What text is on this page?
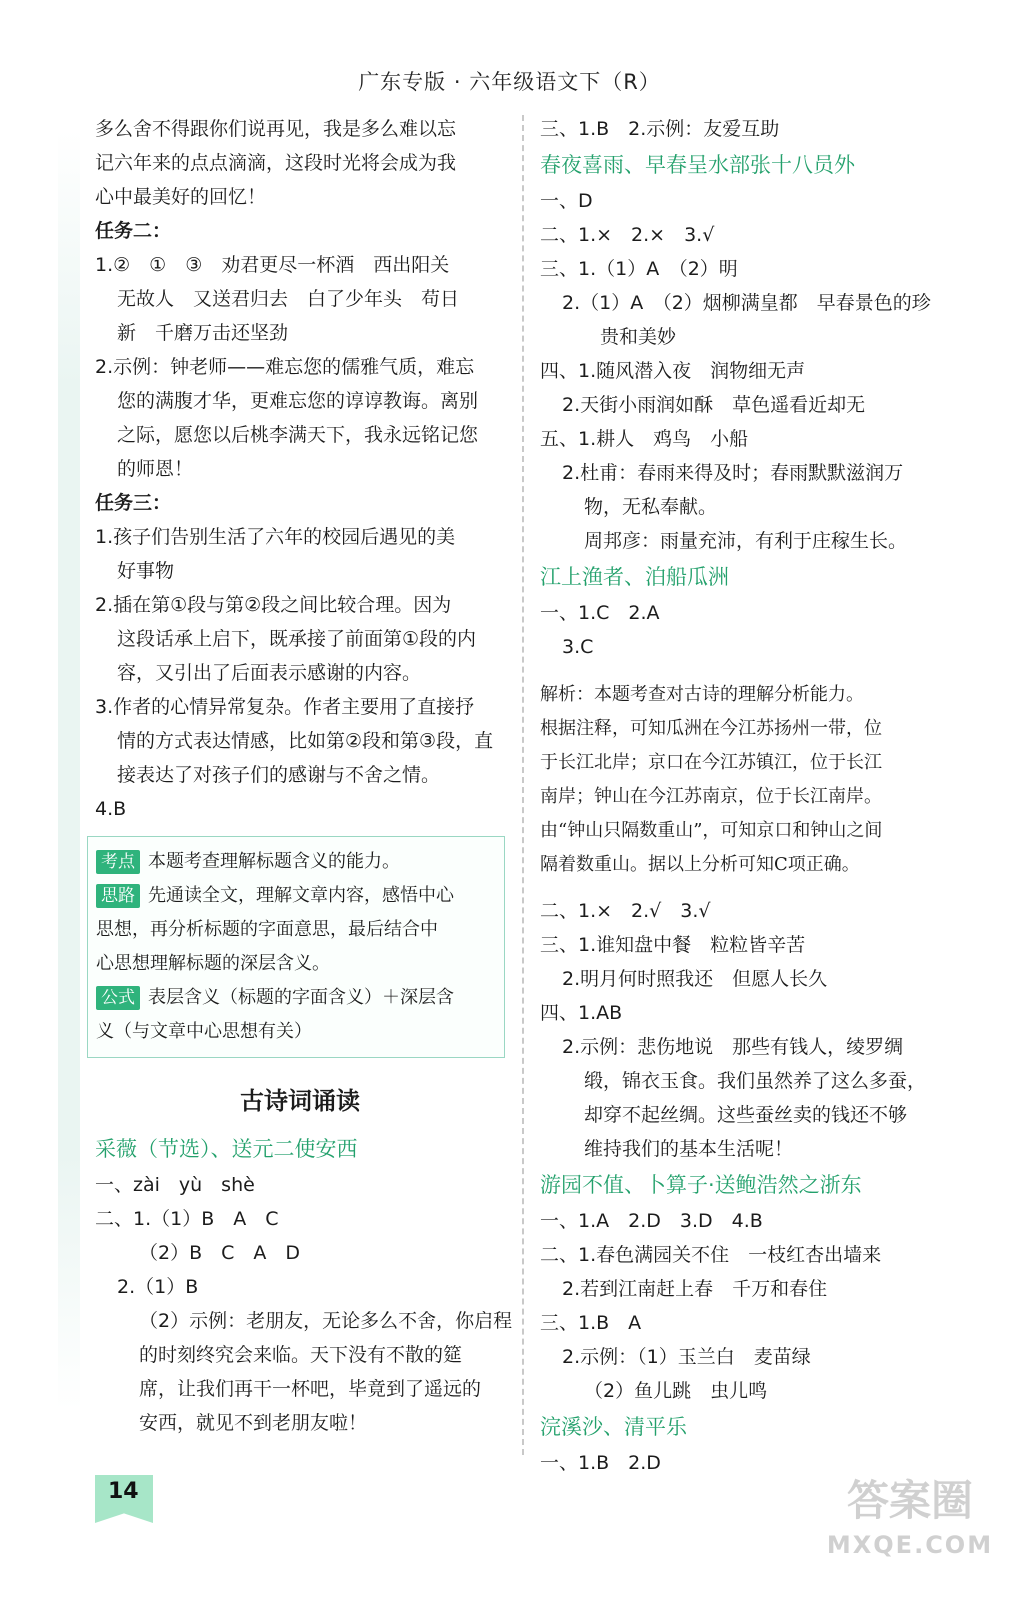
广东专版 · 六年级语文下（R）
多么舍不得跟你们说再见，我是多么难以忘
记六年来的点点滴滴，这段时光将会成为我
心中最美好的回忆！
任务二：
1.②　①　③　劝君更尽一杯酒　西出阳关
无故人　又送君归去　白了少年头　苟日
新　千磨万击还坚劲
2.示例：钟老师——难忘您的儒雅气质，难忘
您的满腹才华，更难忘您的谆谆教诲。离别
之际，愿您以后桃李满天下，我永远铭记您
的师恩！
任务三：
1.孩子们告别生活了六年的校园后遇见的美
好事物
2.插在第①段与第②段之间比较合理。因为
这段话承上启下，既承接了前面第①段的内
容，又引出了后面表示感谢的内容。
3.作者的心情异常复杂。作者主要用了直接抒
情的方式表达情感，比如第②段和第③段，直
接表达了对孩子们的感谢与不舍之情。
4.B
考点 本题考查理解标题含义的能力。
思路 先通读全文，理解文章内容，感悟中心
思想，再分析标题的字面意思，最后结合中
心思想理解标题的深层含义。
公式 表层含义（标题的字面含义）＋深层含
义（与文章中心思想有关）
古诗词诵读
采薇（节选）、送元二使安西
一、zài　yù　shè
二、1.（1）B　A　C
（2）B　C　A　D
2.（1）B
（2）示例：老朋友，无论多么不舍，你启程
的时刻终究会来临。天下没有不散的筵
席，让我们再干一杯吧，毕竟到了遥远的
安西，就见不到老朋友啦！
三、1.B　2.示例：友爱互助
春夜喜雨、早春呈水部张十八员外
一、D
二、1.×　2.×　3.√
三、1.（1）A　（2）明
2.（1）A　（2）烟柳满皇都　早春景色的珍
贵和美妙
四、1.随风潜入夜　润物细无声
2.天街小雨润如酥　草色遥看近却无
五、1.耕人　鸡鸟　小船
2.杜甫：春雨来得及时；春雨默默滋润万
物，无私奉献。
周邦彦：雨量充沛，有利于庄稼生长。
江上渔者、泊船瓜洲
一、1.C　2.A
3.C
解析：本题考查对古诗的理解分析能力。
根据注释，可知瓜洲在今江苏扬州一带，位
于长江北岸；京口在今江苏镇江，位于长江
南岸；钟山在今江苏南京，位于长江南岸。
由“钟山只隔数重山”，可知京口和钟山之间
隔着数重山。据以上分析可知C项正确。
二、1.×　2.√　3.√
三、1.谁知盘中餐　粒粒皆辛苦
2.明月何时照我还　但愿人长久
四、1.AB
2.示例：悲伤地说　那些有钱人，绫罗绸
缎，锦衣玉食。我们虽然养了这么多蚕，
却穿不起丝绸。这些蚕丝卖的钱还不够
维持我们的基本生活呢！
游园不值、卜算子·送鲍浩然之浙东
一、1.A　2.D　3.D　4.B
二、1.春色满园关不住　一枝红杏出墙来
2.若到江南赶上春　千万和春住
三、1.B　A
2.示例：（1）玉兰白　麦苗绿
（2）鱼儿跳　虫儿鸣
浣溪沙、清平乐
一、1.B　2.D
14	答案圈
MXQE.COM
